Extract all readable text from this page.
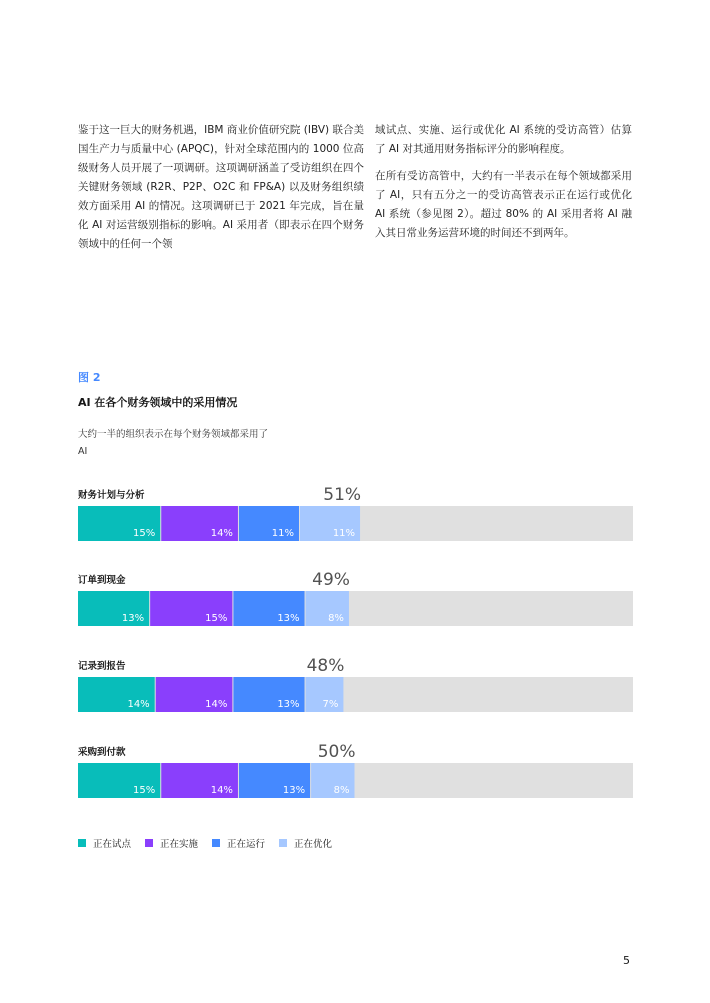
鉴于这一巨大的财务机遇，IBM 商业价值研究院 (IBV) 联合美国生产力与质量中心 (APQC)，针对全球范围内的 1000 位高级财务人员开展了一项调研。这项调研涵盖了受访组织在四个关键财务领域 (R2R、P2P、O2C 和 FP&A) 以及财务组织绩效方面采用 AI 的情况。这项调研已于 2021 年完成，旨在量化 AI 对运营级别指标的影响。AI 采用者（即表示在四个财务领域中的任何一个领

域试点、实施、运行或优化 AI 系统的受访高管）估算了 AI 对其通用财务指标评分的影响程度。

在所有受访高管中，大约有一半表示在每个领域都采用了 AI，只有五分之一的受访高管表示正在运行或优化 AI 系统（参见图 2）。超过 80% 的 AI 采用者将 AI 融入其日常业务运营环境的时间还不到两年。

图 2
AI 在各个财务领域中的采用情况
大约一半的组织表示在每个财务领域都采用了 AI
财务计划与分析
15%	14%	11%	11%
51%
订单到现金
13%	15%	13%	8%
49%
记录到报告
14%	14%	13% 7%
48%
采购到付款
15%	14%	13%	8%
50%
正在试点	正在实施	正在运行	正在优化
5
